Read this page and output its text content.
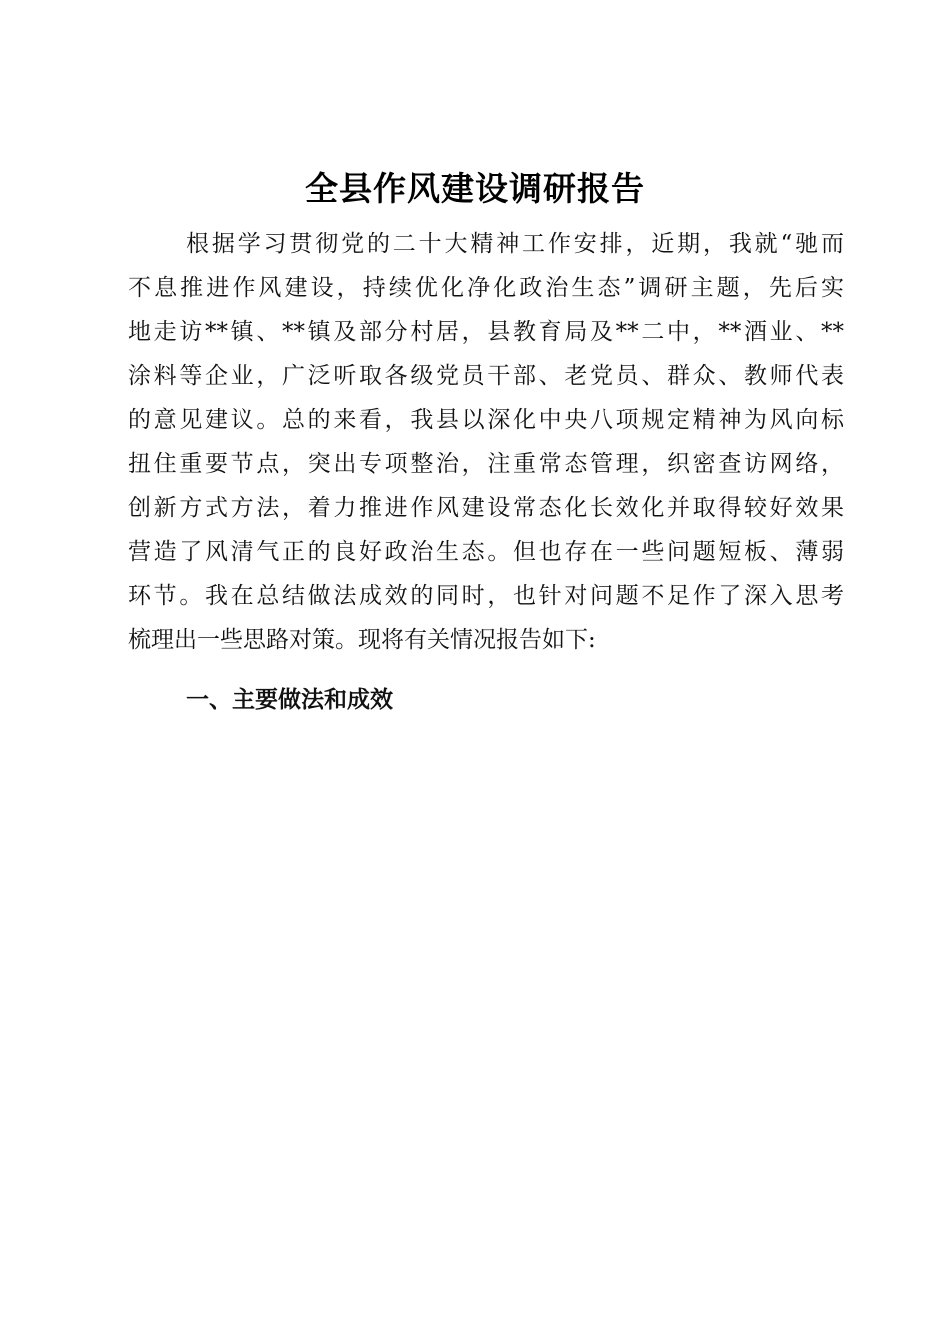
全县作风建设调研报告
根据学习贯彻党的二十大精神工作安排，近期，我就“驰而
不息推进作风建设，持续优化净化政治生态”调研主题，先后实
地走访**镇、**镇及部分村居，县教育局及**二中，**酒业、**
涂料等企业，广泛听取各级党员干部、老党员、群众、教师代表
的意见建议。总的来看，我县以深化中央八项规定精神为风向标
扭住重要节点，突出专项整治，注重常态管理，织密查访网络，
创新方式方法，着力推进作风建设常态化长效化并取得较好效果
营造了风清气正的良好政治生态。但也存在一些问题短板、薄弱
环节。我在总结做法成效的同时，也针对问题不足作了深入思考
梳理出一些思路对策。现将有关情况报告如下:
一、主要做法和成效
